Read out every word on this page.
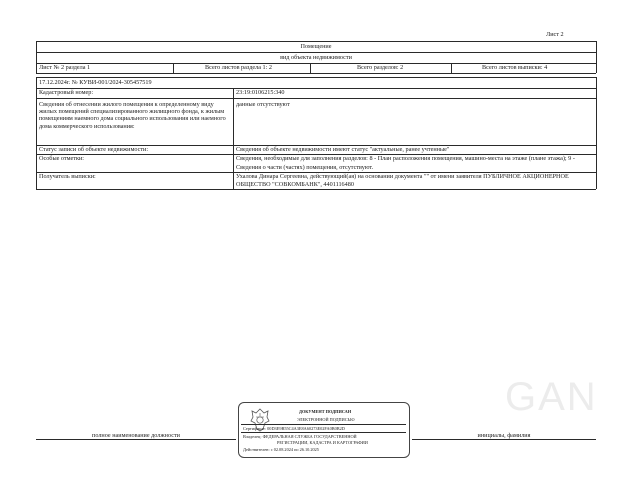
Лист 2
Помещение
вид объекта недвижимости
Лист № 2 раздела 1	Всего листов раздела 1: 2	Всего разделов: 2	Всего листов выписки: 4
17.12.2024г. № КУВИ-001/2024-305457519
Кадастровый номер:	23:19:0106215:340
Сведения об отнесении жилого помещения к определенному виду жилых помещений специализированного жилищного фонда, к жилым помещениям наемного дома социального использования или наемного дома коммерческого использования:
данные отсутствуют
Статус записи об объекте недвижимости:	Сведения об объекте недвижимости имеют статус "актуальные, ранее учтенные"
Особые отметки:	Сведения, необходимые для заполнения разделов: 8 - План расположения помещения, машино-места на этаже (плане этажа); 9 - Сведения о части (частях) помещения, отсутствуют.
Получатель выписки:	Ухалова Динара Сергеевна, действующий(ая) на основании документа "" от имени заявителя ПУБЛИЧНОЕ АКЦИОНЕРНОЕ ОБЩЕСТВО "СОВКОМБАНК", 4401116480
GAN
ДОКУМЕНТ ПОДПИСАН
ЭЛЕКТРОННОЙ ПОДПИСЬЮ
Сертификат: 00D3E9B55C4A3E8A60273E02FA0B0B2D
Владелец: ФЕДЕРАЛЬНАЯ СЛУЖБА ГОСУДАРСТВЕННОЙ
РЕГИСТРАЦИИ, КАДАСТРА И КАРТОГРАФИИ
Действителен: с 02.08.2024 по 26.10.2025
полное наименование должности	инициалы, фамилия
